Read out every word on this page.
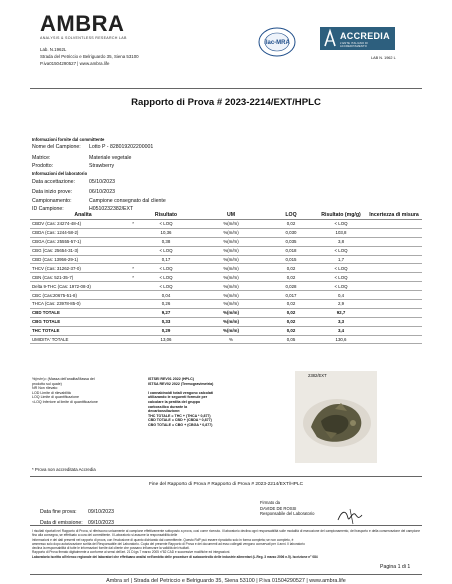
AMBRA
ANALYSIS & SOLVENTLESS RESEARCH LAB
Lab. N.1962L
Strada del Petriccio e Belriguardo 35, Siena 53100
P.iva01504290527 | www.ambra.life
ilac-MRA
ACCREDIA
L'ENTE ITALIANO DI ACCREDITAMENTO
LAB N. 1962 L
Rapporto di Prova # 2023-2214/EXT/HPLC
Informazioni fornite dal committente
Nome del Campione: Lotto P - 828019202200001
Matrice:	Materiale vegetale
Prodotto:	Strawberry
Informazioni del laboratorio
Data accettazione:	05/10/2023
Data inizio prove:	06/10/2023
Campionamento:	Campione consegnato dal cliente
ID Campione:	H0510232382/EXT
Analita	Risultato	UM	LOQ	Risultato (mg/g)	Incertezza di misura
CBDV (Cas: 24274-48-4) *	< LOQ	%(m/m)	0,02	< LOQ	
CBDA (Cas: 1244-58-2)	10,36	%(m/m)	0,030	103,8	
CBGA (Cas: 25555-57-1)	0,38	%(m/m)	0,035	3,8	
CBG (Cas: 25654-31-3)	< LOQ	%(m/m)	0,018	< LOQ	
CBD (Cas: 13956-29-1)	0,17	%(m/m)	0,015	1,7	
THCV (Cas: 31262-37-0) *	< LOQ	%(m/m)	0,02	< LOQ	
CBN (Cas: 521-35-7) *	< LOQ	%(m/m)	0,02	< LOQ	
Delta 9-THC (Cas: 1972-08-3)	< LOQ	%(m/m)	0,028	< LOQ	
CBC (Cas:20675-51-8)	0,04	%(m/m)	0,017	0,4	
THCA (Cas: 23978-85-0)	0,26	%(m/m)	0,02	2,9	
CBD TOTALE	9,27	%(m/m)	0,02	92,7	
CBG TOTALE	0,33	%(m/m)	0,02	3,3	
THC TOTALE	0,29	%(m/m)	0,02	3,4	
UMIDITA' TOTALE	13,06	%	0,05	130,6	
%(m/m)= (Massa dell'analita/Massa del
prodotto sul quale)
NR Non rilevato
LOD Limite di rilevabilità
LOQ Limite di quantificazione
<LOQ Inferiore al limite di quantificazione
ISTSEI REV01 2022 (HPLC)
ISTSA REV02 2022 (Termogravimetria)
I cannabinoidi totali vengono calcolati
utilizzando le seguenti formule per
calcolare la perdita del gruppo
carbossilico durante la
decarbossilazione:
THC TOTALE = THC + (THCA * 0,877)
CBD TOTALE = CBD + (CBDA * 0,877)
CBG TOTALE = CBG + (CBGA * 0,877)
2382/EXT
* Prova non accreditata Accredia
Fine del Rapporto di Prova # Rapporto di Prova # 2023-2214/EXT/HPLC
Data fine prova: 09/10/2023
Data di emissione: 09/10/2023
Firmato da
DAVIDE DE ROSSI
Responsabile del Laboratorio
I risultati riportati nel Rapporto di Prova, si riferiscono unicamente al campione effettivamente sottoposto a prova, così come ricevuto. Il laboratorio declina ogni responsabilità sulle modalità di esecuzione del campionamento, del trasporto e della conservazione del campione fino alla consegna, se effettuato a cura del committente. Il Laboratorio si assume la responsabilità delle
informazioni e dei dati presenti nel rapporto di prova, con l'esclusione di quanto dichiarato dal committente. Questo RdP può essere riprodotto solo in forma completa; se non completo, è
ammesso solo dopo autorizzazione scritta del Responsabile del Laboratorio. Copia del presente Rapporto di Prova e dei documenti ad esso collegati vengono conservati per 4 anni. Il laboratorio
declina la responsabilità di tutte le informazioni fornite dal cliente che possano influenzare la validità dei risultati.
Rapporto di Prova firmato digitalmente a conforme ai sensi dell'art. 21 D.lgs 7 marzo 2005 n°82 CAD e successive modifiche ed integrazioni.
Laboratorio iscritto all'elenco regionale dei laboratori che effettuano analisi nell'ambito delle procedure di autocontrollo delle industrie alimentari (L.Reg. 3 marzo 2006 n.5). Iscrizione n° 084
Pagina 1 di 1
Ambra srl | Strada del Petriccio e Belriguardo 35, Siena 53100 | P.iva 01504290527 | www.ambra.life
